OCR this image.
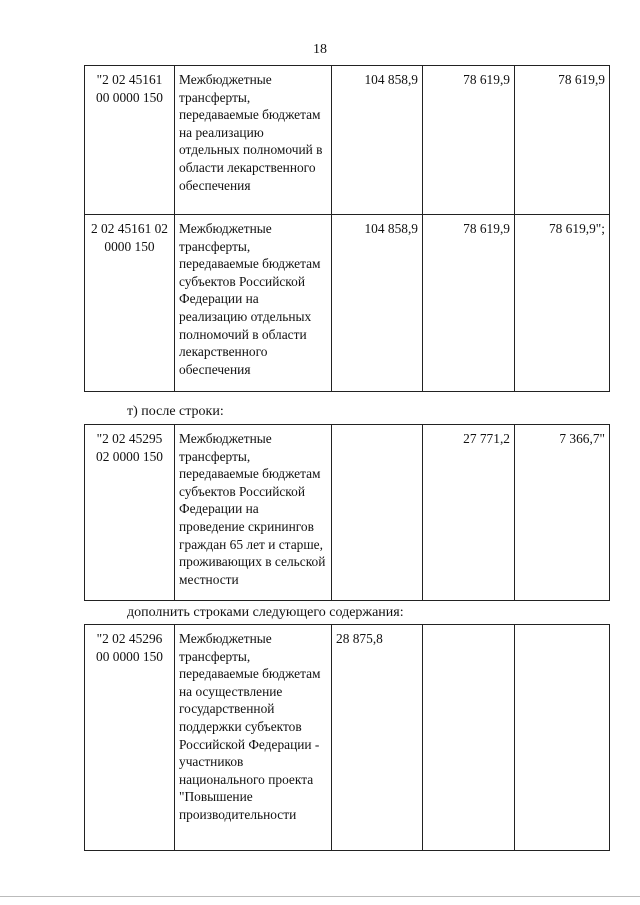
18
"2 02 45161 00 0000 150	Межбюджетные трансферты, передаваемые бюджетам на реализацию отдельных полномочий в области лекарственного обеспечения	104 858,9	78 619,9	78 619,9
2 02 45161 02 0000 150	Межбюджетные трансферты, передаваемые бюджетам субъектов Российской Федерации на реализацию отдельных полномочий в области лекарственного обеспечения	104 858,9	78 619,9	78 619,9";
т) после строки:
"2 02 45295 02 0000 150	Межбюджетные трансферты, передаваемые бюджетам субъектов Российской Федерации на проведение скринингов граждан 65 лет и старше, проживающих в сельской местности		27 771,2	7 366,7"
дополнить строками следующего содержания:
"2 02 45296 00 0000 150	Межбюджетные трансферты, передаваемые бюджетам на осуществление государственной поддержки субъектов Российской Федерации - участников национального проекта "Повышение производительности	28 875,8		
